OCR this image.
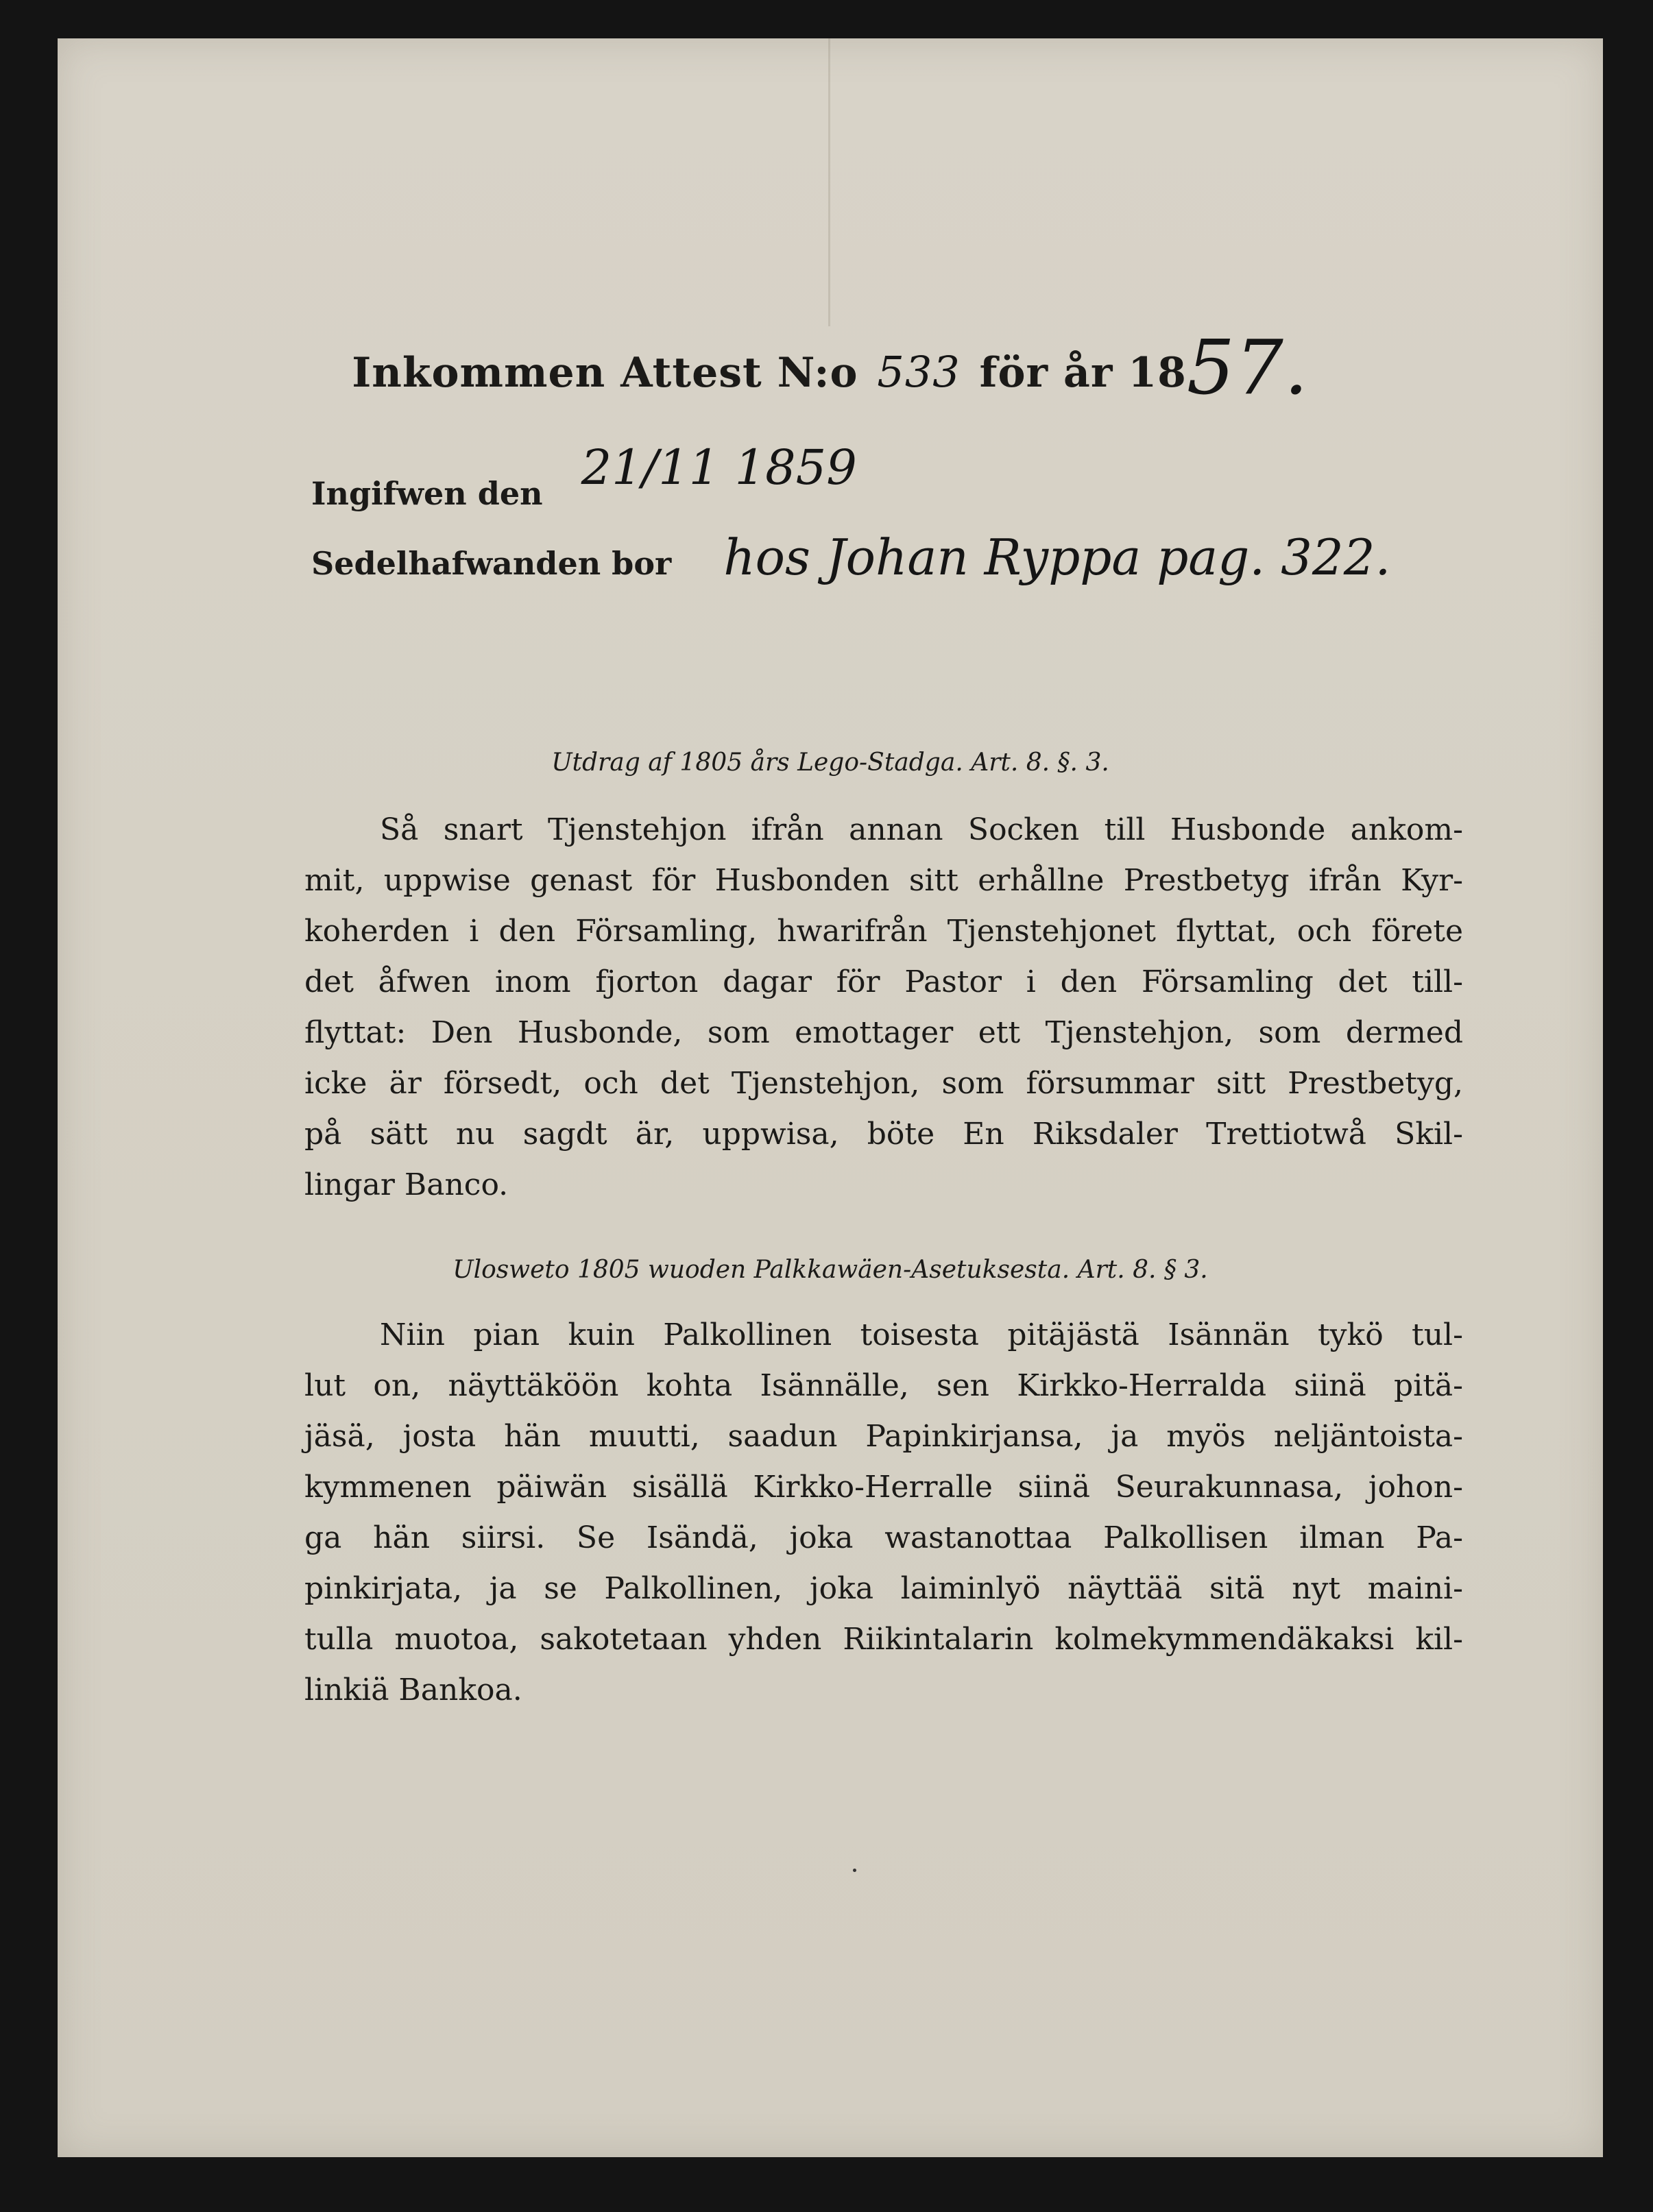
Inkommen Attest N:o 533 för år 1857.
Ingifwen den 21/11 1859
Sedelhafwanden bor hos Johan Ryppa pag. 322.
Utdrag af 1805 års Lego-Stadga. Art. 8. §. 3.
Så snart Tjenstehjon ifrån annan Socken till Husbonde ankom-
mit, uppwise genast för Husbonden sitt erhållne Prestbetyg ifrån Kyr-
koherden i den Församling, hwarifrån Tjenstehjonet flyttat, och förete
det åfwen inom fjorton dagar för Pastor i den Församling det till-
flyttat: Den Husbonde, som emottager ett Tjenstehjon, som dermed
icke är försedt, och det Tjenstehjon, som försummar sitt Prestbetyg,
på sätt nu sagdt är, uppwisa, böte En Riksdaler Trettiotwå Skil-
lingar Banco.
Ulosweto 1805 wuoden Palkkawäen-Asetuksesta. Art. 8. § 3.
Niin pian kuin Palkollinen toisesta pitäjästä Isännän tykö tul-
lut on, näyttäköön kohta Isännälle, sen Kirkko-Herralda siinä pitä-
jäsä, josta hän muutti, saadun Papinkirjansa, ja myös neljäntoista-
kymmenen päiwän sisällä Kirkko-Herralle siinä Seurakunnasa, johon-
ga hän siirsi. Se Isändä, joka wastanottaa Palkollisen ilman Pa-
pinkirjata, ja se Palkollinen, joka laiminlyö näyttää sitä nyt maini-
tulla muotoa, sakotetaan yhden Riikintalarin kolmekymmendäkaksi kil-
linkiä Bankoa.
